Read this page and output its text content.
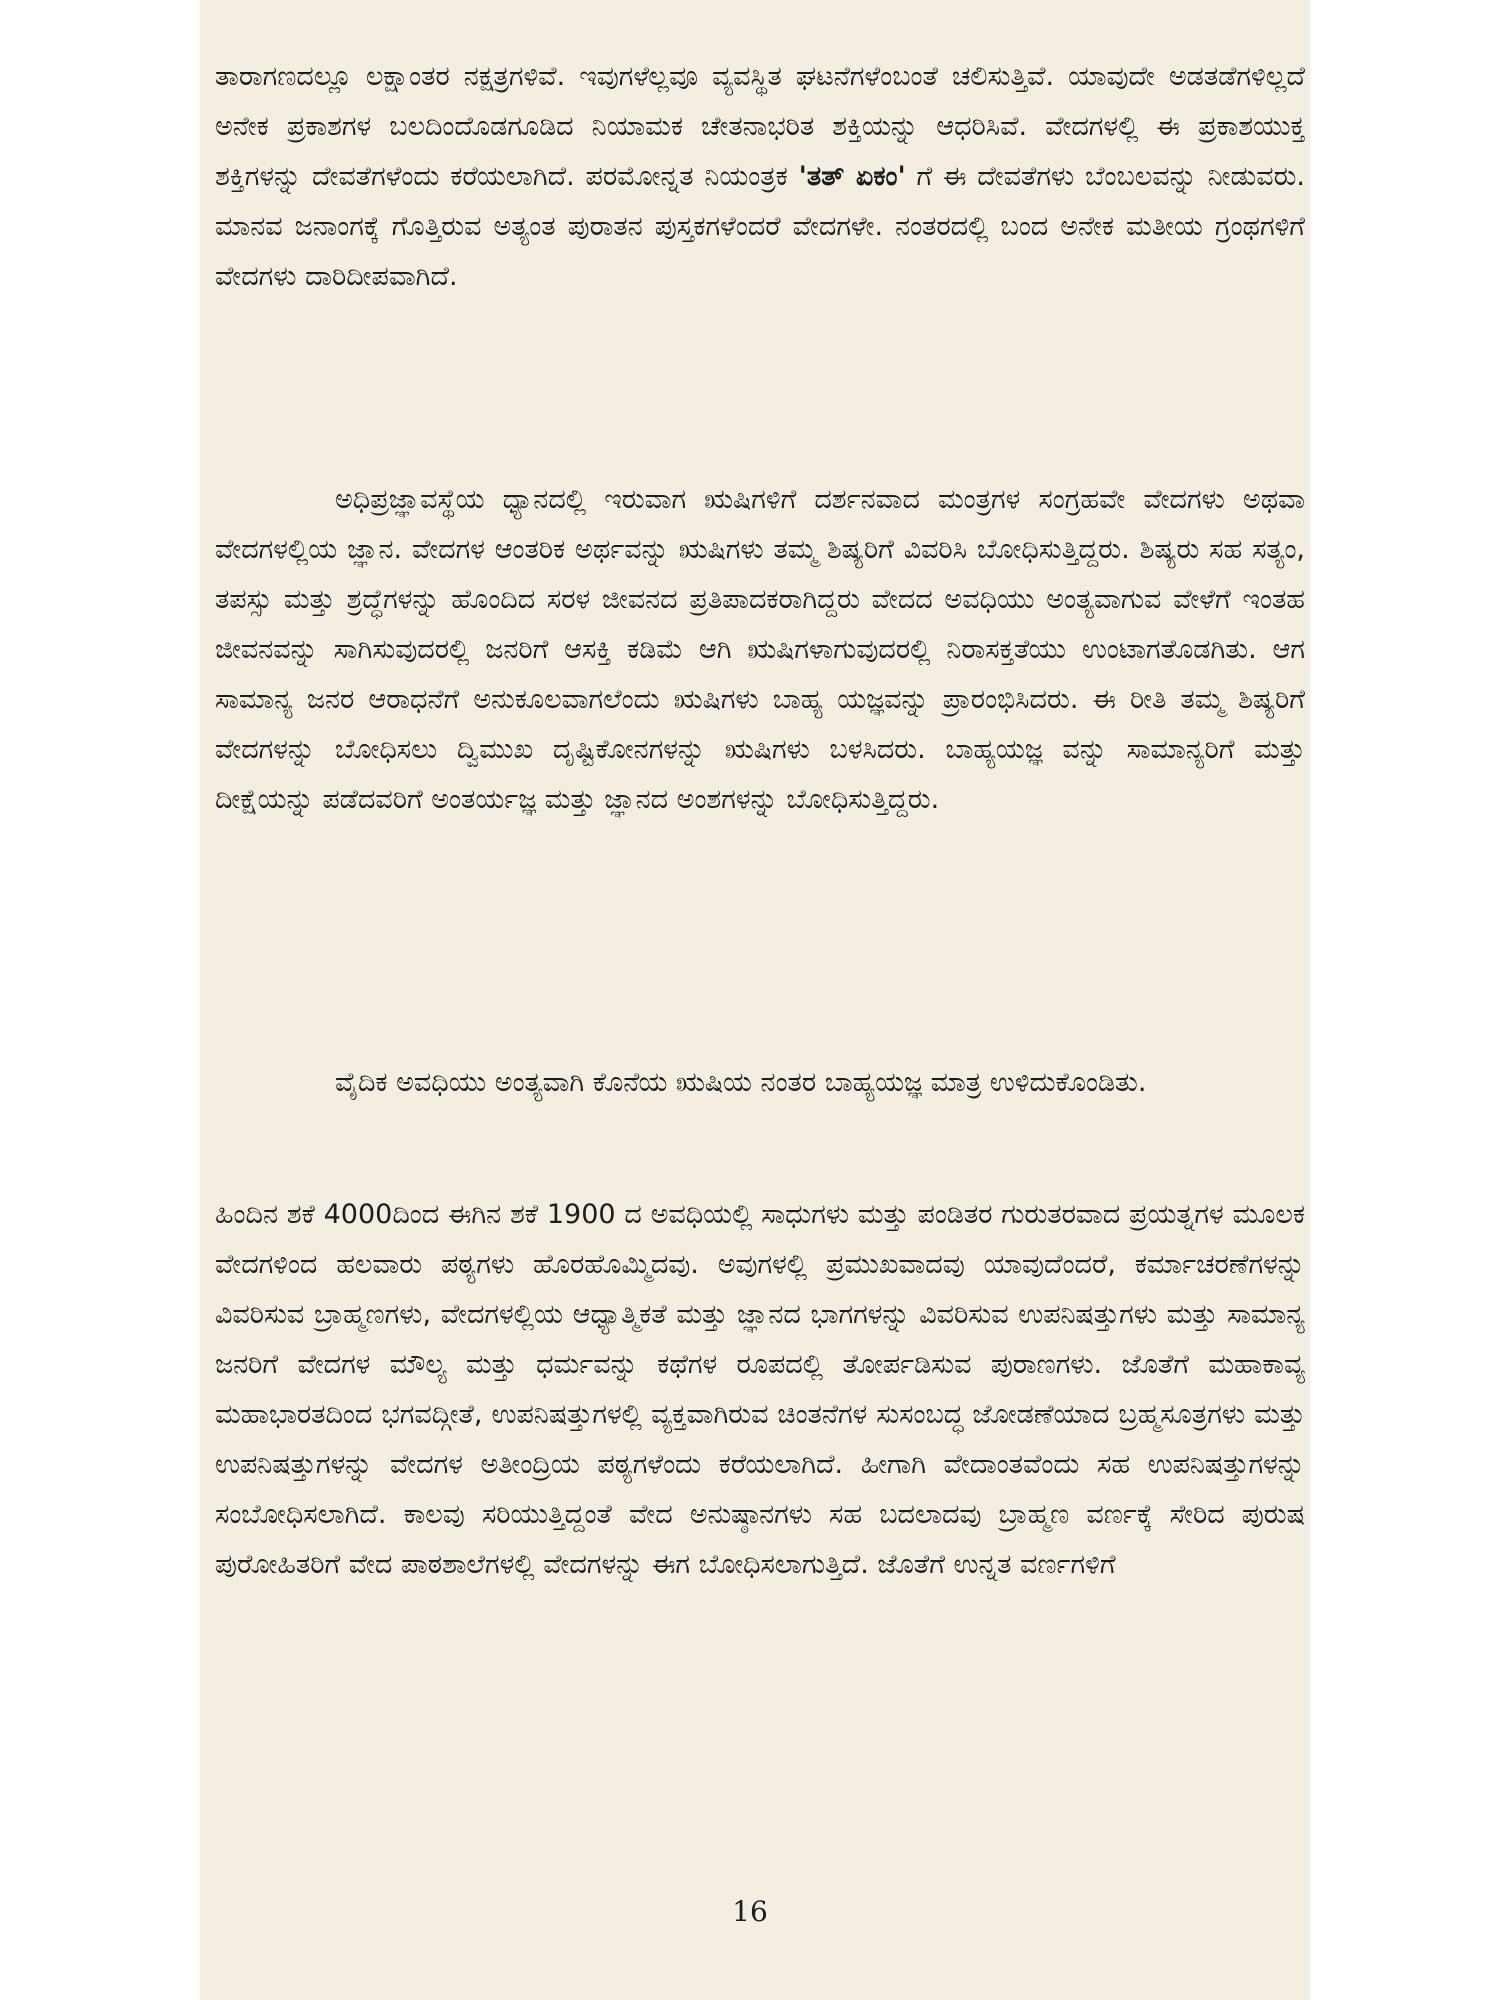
ತಾರಾಗಣದಲ್ಲೂ ಲಕ್ಷಾಂತರ ನಕ್ಷತ್ರಗಳಿವೆ. ಇವುಗಳೆಲ್ಲವೂ ವ್ಯವಸ್ಥಿತ ಘಟನೆಗಳೆಂಬಂತೆ ಚಲಿಸುತ್ತಿವೆ. ಯಾವುದೇ ಅಡತಡೆಗಳಿಲ್ಲದೆ ಅನೇಕ ಪ್ರಕಾಶಗಳ ಬಲದಿಂದೊಡಗೂಡಿದ ನಿಯಾಮಕ ಚೇತನಾಭರಿತ ಶಕ್ತಿಯನ್ನು ಆಧರಿಸಿವೆ. ವೇದಗಳಲ್ಲಿ ಈ ಪ್ರಕಾಶಯುಕ್ತ ಶಕ್ತಿಗಳನ್ನು ದೇವತೆಗಳೆಂದು ಕರೆಯಲಾಗಿದೆ. ಪರಮೋನ್ನತ ನಿಯಂತ್ರಕ 'ತತ್ ಏಕಂ' ಗೆ ಈ ದೇವತೆಗಳು ಬೆಂಬಲವನ್ನು ನೀಡುವರು. ಮಾನವ ಜನಾಂಗಕ್ಕೆ ಗೊತ್ತಿರುವ ಅತ್ಯಂತ ಪುರಾತನ ಪುಸ್ತಕಗಳೆಂದರೆ ವೇದಗಳೇ. ನಂತರದಲ್ಲಿ ಬಂದ ಅನೇಕ ಮತೀಯ ಗ್ರಂಥಗಳಿಗೆ ವೇದಗಳು ದಾರಿದೀಪವಾಗಿದೆ.

ಅಧಿಪ್ರಜ್ಞಾವಸ್ಥೆಯ ಧ್ಯಾನದಲ್ಲಿ ಇರುವಾಗ ಋಷಿಗಳಿಗೆ ದರ್ಶನವಾದ ಮಂತ್ರಗಳ ಸಂಗ್ರಹವೇ ವೇದಗಳು ಅಥವಾ ವೇದಗಳಲ್ಲಿಯ ಜ್ಞಾನ. ವೇದಗಳ ಆಂತರಿಕ ಅರ್ಥವನ್ನು ಋಷಿಗಳು ತಮ್ಮ ಶಿಷ್ಯರಿಗೆ ವಿವರಿಸಿ ಬೋಧಿಸುತ್ತಿದ್ದರು. ಶಿಷ್ಯರು ಸಹ ಸತ್ಯಂ, ತಪಸ್ಸು ಮತ್ತು ಶ್ರದ್ಧೆಗಳನ್ನು ಹೊಂದಿದ ಸರಳ ಜೀವನದ ಪ್ರತಿಪಾದಕರಾಗಿದ್ದರು ವೇದದ ಅವಧಿಯು ಅಂತ್ಯವಾಗುವ ವೇಳೆಗೆ ಇಂತಹ ಜೀವನವನ್ನು ಸಾಗಿಸುವುದರಲ್ಲಿ ಜನರಿಗೆ ಆಸಕ್ತಿ ಕಡಿಮೆ ಆಗಿ ಋಷಿಗಳಾಗುವುದರಲ್ಲಿ ನಿರಾಸಕ್ತತೆಯು ಉಂಟಾಗತೊಡಗಿತು. ಆಗ ಸಾಮಾನ್ಯ ಜನರ ಆರಾಧನೆಗೆ ಅನುಕೂಲವಾಗಲೆಂದು ಋಷಿಗಳು ಬಾಹ್ಯ ಯಜ್ಞವನ್ನು ಪ್ರಾರಂಭಿಸಿದರು. ಈ ರೀತಿ ತಮ್ಮ ಶಿಷ್ಯರಿಗೆ ವೇದಗಳನ್ನು ಬೋಧಿಸಲು ದ್ವಿಮುಖ ದೃಷ್ಟಿಕೋನಗಳನ್ನು ಋಷಿಗಳು ಬಳಸಿದರು. ಬಾಹ್ಯಯಜ್ಞ ವನ್ನು ಸಾಮಾನ್ಯರಿಗೆ ಮತ್ತು ದೀಕ್ಷೆಯನ್ನು ಪಡೆದವರಿಗೆ ಅಂತರ್ಯಜ್ಞ ಮತ್ತು ಜ್ಞಾನದ ಅಂಶಗಳನ್ನು ಬೋಧಿಸುತ್ತಿದ್ದರು.

ವೈದಿಕ ಅವಧಿಯು ಅಂತ್ಯವಾಗಿ ಕೊನೆಯ ಋಷಿಯ ನಂತರ ಬಾಹ್ಯಯಜ್ಞ ಮಾತ್ರ ಉಳಿದುಕೊಂಡಿತು.

ಹಿಂದಿನ ಶಕೆ 4000ದಿಂದ ಈಗಿನ ಶಕೆ 1900 ದ ಅವಧಿಯಲ್ಲಿ ಸಾಧುಗಳು ಮತ್ತು ಪಂಡಿತರ ಗುರುತರವಾದ ಪ್ರಯತ್ನಗಳ ಮೂಲಕ ವೇದಗಳಿಂದ ಹಲವಾರು ಪಠ್ಯಗಳು ಹೊರಹೊಮ್ಮಿದವು. ಅವುಗಳಲ್ಲಿ ಪ್ರಮುಖವಾದವು ಯಾವುದೆಂದರೆ, ಕರ್ಮಾಚರಣೆಗಳನ್ನು ವಿವರಿಸುವ ಬ್ರಾಹ್ಮಣಗಳು, ವೇದಗಳಲ್ಲಿಯ ಆಧ್ಯಾತ್ಮಿಕತೆ ಮತ್ತು ಜ್ಞಾನದ ಭಾಗಗಳನ್ನು ವಿವರಿಸುವ ಉಪನಿಷತ್ತುಗಳು ಮತ್ತು ಸಾಮಾನ್ಯ ಜನರಿಗೆ ವೇದಗಳ ಮೌಲ್ಯ ಮತ್ತು ಧರ್ಮವನ್ನು ಕಥೆಗಳ ರೂಪದಲ್ಲಿ ತೋರ್ಪಡಿಸುವ ಪುರಾಣಗಳು. ಜೊತೆಗೆ ಮಹಾಕಾವ್ಯ ಮಹಾಭಾರತದಿಂದ ಭಗವದ್ಗೀತೆ, ಉಪನಿಷತ್ತುಗಳಲ್ಲಿ ವ್ಯಕ್ತವಾಗಿರುವ ಚಿಂತನೆಗಳ ಸುಸಂಬದ್ಧ ಜೋಡಣೆಯಾದ ಬ್ರಹ್ಮಸೂತ್ರಗಳು ಮತ್ತು ಉಪನಿಷತ್ತುಗಳನ್ನು ವೇದಗಳ ಅತೀಂದ್ರಿಯ ಪಠ್ಯಗಳೆಂದು ಕರೆಯಲಾಗಿದೆ. ಹೀಗಾಗಿ ವೇದಾಂತವೆಂದು ಸಹ ಉಪನಿಷತ್ತುಗಳನ್ನು ಸಂಬೋಧಿಸಲಾಗಿದೆ. ಕಾಲವು ಸರಿಯುತ್ತಿದ್ದಂತೆ ವೇದ ಅನುಷ್ಠಾನಗಳು ಸಹ ಬದಲಾದವು ಬ್ರಾಹ್ಮಣ ವರ್ಣಕ್ಕೆ ಸೇರಿದ ಪುರುಷ ಪುರೋಹಿತರಿಗೆ ವೇದ ಪಾಠಶಾಲೆಗಳಲ್ಲಿ ವೇದಗಳನ್ನು ಈಗ ಬೋಧಿಸಲಾಗುತ್ತಿದೆ. ಜೊತೆಗೆ ಉನ್ನತ ವರ್ಣಗಳಿಗೆ

16
